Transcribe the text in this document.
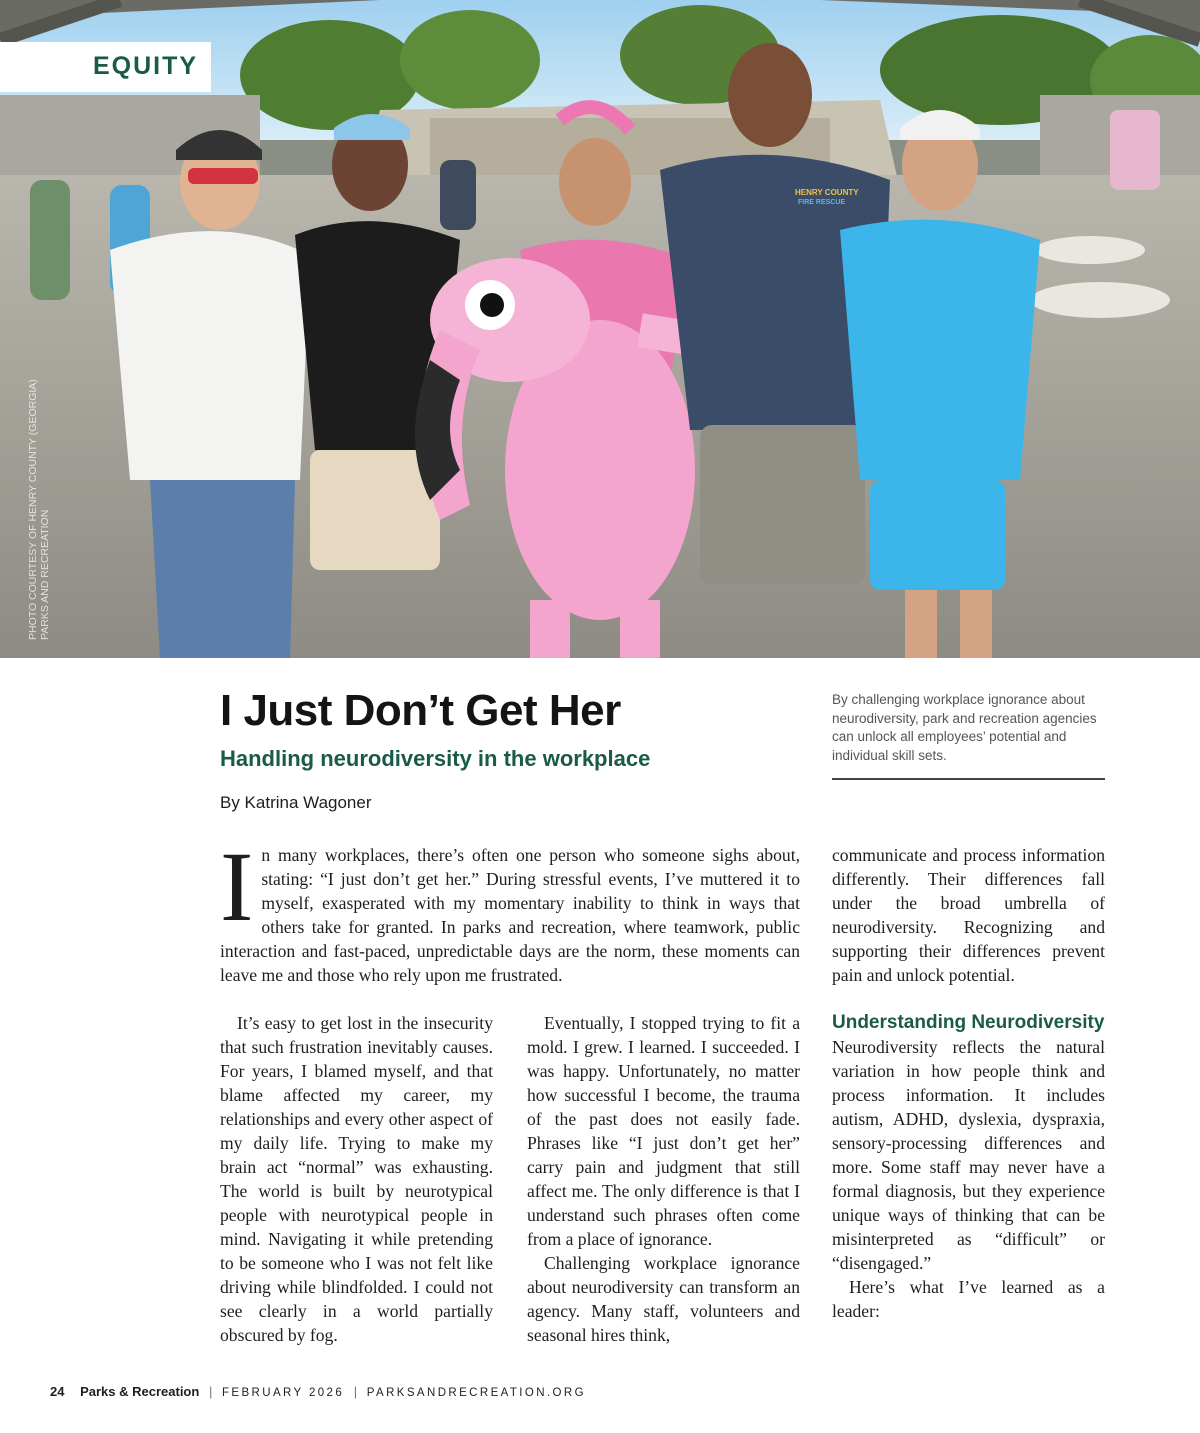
HENRY COUNTY
FIRE RESCUE
EQUITY
PHOTO COURTESY OF HENRY COUNTY (GEORGIA) PARKS AND RECREATION
I Just Don’t Get Her
Handling neurodiversity in the workplace
By Katrina Wagoner
By challenging workplace ignorance about neurodiversity, park and recreation agencies can unlock all employees’ potential and individual skill sets.

In many workplaces, there’s often one person who someone sighs about, stating: “I just don’t get her.” During stressful events, I’ve muttered it to myself, exasperated with my momentary inability to think in ways that others take for granted. In parks and recreation, where teamwork, public interaction and fast-paced, unpredictable days are the norm, these moments can leave me and those who rely upon me frustrated.

communicate and process information differently. Their differences fall under the broad umbrella of neurodiversity. Recognizing and supporting their differences prevent pain and unlock potential.

It’s easy to get lost in the insecurity that such frustration inevitably causes. For years, I blamed myself, and that blame affected my career, my relationships and every other aspect of my daily life. Trying to make my brain act “normal” was exhausting. The world is built by neurotypical people with neurotypical people in mind. Navigating it while pretending to be someone who I was not felt like driving while blindfolded. I could not see clearly in a world partially obscured by fog.

Eventually, I stopped trying to fit a mold. I grew. I learned. I succeeded. I was happy. Unfortunately, no matter how successful I become, the trauma of the past does not easily fade. Phrases like “I just don’t get her” carry pain and judgment that still affect me. The only difference is that I understand such phrases often come from a place of ignorance.

Challenging workplace ignorance about neurodiversity can transform an agency. Many staff, volunteers and seasonal hires think,

Understanding Neurodiversity

Neurodiversity reflects the natural variation in how people think and process information. It includes autism, ADHD, dyslexia, dyspraxia, sensory-processing differences and more. Some staff may never have a formal diagnosis, but they experience unique ways of thinking that can be misinterpreted as “difficult” or “disengaged.”

Here’s what I’ve learned as a leader:

24 Parks & Recreation | FEBRUARY 2026 | PARKSANDRECREATION.ORG
